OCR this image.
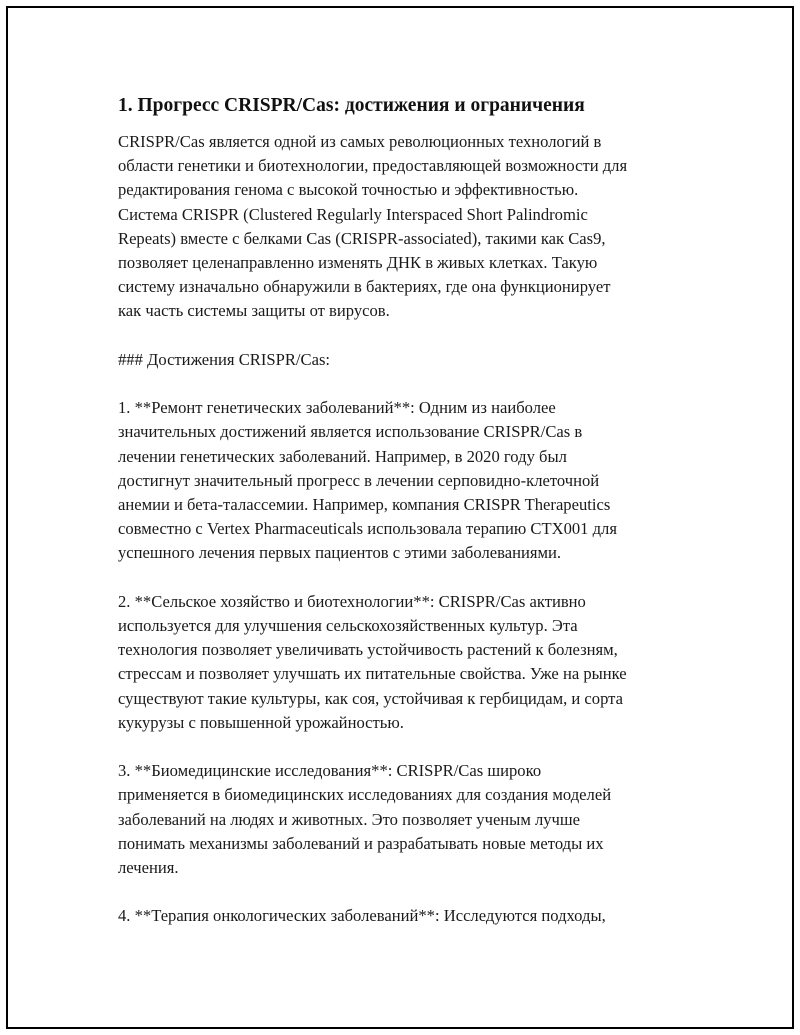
1. Прогресс CRISPR/Cas: достижения и ограничения

CRISPR/Cas является одной из самых революционных технологий в
области генетики и биотехнологии, предоставляющей возможности для
редактирования генома с высокой точностью и эффективностью.
Система CRISPR (Clustered Regularly Interspaced Short Palindromic
Repeats) вместе с белками Cas (CRISPR-associated), такими как Cas9,
позволяет целенаправленно изменять ДНК в живых клетках. Такую
систему изначально обнаружили в бактериях, где она функционирует
как часть системы защиты от вирусов.

### Достижения CRISPR/Cas:

1. **Ремонт генетических заболеваний**: Одним из наиболее
значительных достижений является использование CRISPR/Cas в
лечении генетических заболеваний. Например, в 2020 году был
достигнут значительный прогресс в лечении серповидно-клеточной
анемии и бета-талассемии. Например, компания CRISPR Therapeutics
совместно с Vertex Pharmaceuticals использовала терапию CTX001 для
успешного лечения первых пациентов с этими заболеваниями.

2. **Сельское хозяйство и биотехнологии**: CRISPR/Cas активно
используется для улучшения сельскохозяйственных культур. Эта
технология позволяет увеличивать устойчивость растений к болезням,
стрессам и позволяет улучшать их питательные свойства. Уже на рынке
существуют такие культуры, как соя, устойчивая к гербицидам, и сорта
кукурузы с повышенной урожайностью.

3. **Биомедицинские исследования**: CRISPR/Cas широко
применяется в биомедицинских исследованиях для создания моделей
заболеваний на людях и животных. Это позволяет ученым лучше
понимать механизмы заболеваний и разрабатывать новые методы их
лечения.

4. **Терапия онкологических заболеваний**: Исследуются подходы,
